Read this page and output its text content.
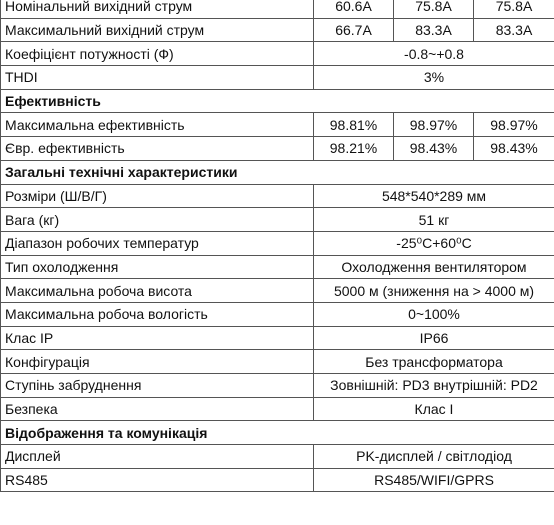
Номінальний вихідний струм	60.6A	75.8A	75.8A
Максимальний вихідний струм	66.7A	83.3A	83.3A
Коефіцієнт потужності (Ф)	-0.8~+0.8		
THDI	3%		
Ефективність			
Максимальна ефективність	98.81%	98.97%	98.97%
Євр. ефективність	98.21%	98.43%	98.43%
Загальні технічні характеристики			
Розміри (Ш/В/Г)	548*540*289 мм		
Вага (кг)	51 кг		
Діапазон робочих температур	-25⁰C+60⁰C		
Тип охолодження	Охолодження вентилятором		
Максимальна робоча висота	5000 м (зниження на > 4000 м)		
Максимальна робоча вологість	0~100%		
Клас IP	IP66		
Конфігурація	Без трансформатора		
Ступінь забруднення	Зовнішній: PD3 внутрішній: PD2		
Безпека	Клас I		
Відображення та комунікація			
Дисплей	PK-дисплей / світлодіод		
RS485	RS485/WIFI/GPRS		
